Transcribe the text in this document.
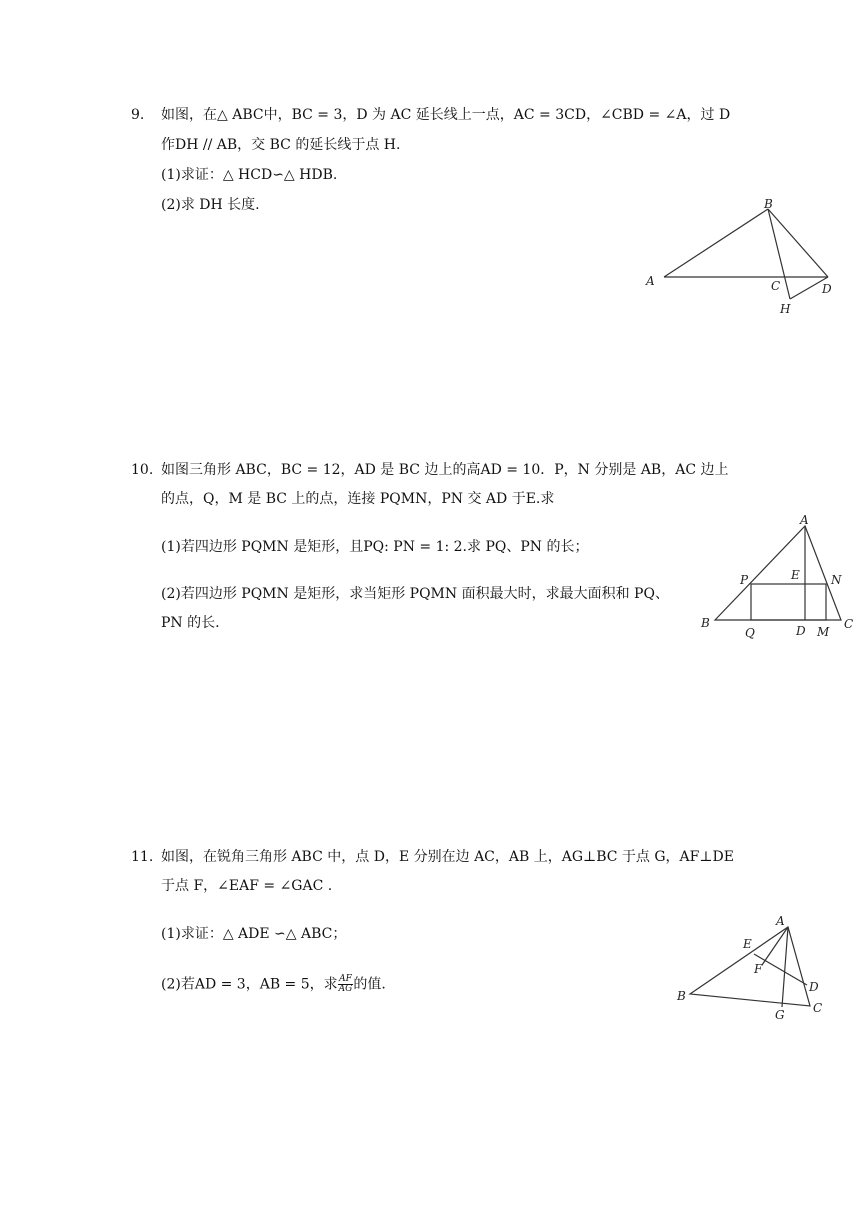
9. 如图，在△ ABC中，BC = 3，D 为 AC 延长线上一点，AC = 3CD，∠CBD = ∠A，过 D
作DH // AB，交 BC 的延长线于点 H.
(1)求证：△ HCD∽△ HDB.
(2)求 DH 长度.
A
B
C	D
H
10. 如图三角形 ABC，BC = 12，AD 是 BC 边上的高AD = 10．P，N 分别是 AB，AC 边上
的点，Q，M 是 BC 上的点，连接 PQMN，PN 交 AD 于E.求
(1)若四边形 PQMN 是矩形，且PQ: PN = 1: 2.求 PQ、PN 的长；
(2)若四边形 PQMN 是矩形，求当矩形 PQMN 面积最大时，求最大面积和 PQ、
PN 的长.
A
B	C
D
E
P	N
Q	M
11. 如图，在锐角三角形 ABC 中，点 D，E 分别在边 AC，AB 上，AG⊥BC 于点 G，AF⊥DE
于点 F，∠EAF = ∠GAC .
(1)求证：△ ADE ∽△ ABC；
(2)若AD = 3，AB = 5，求 $\frac{AF}{AG}$ 的值.
A
B
C
D
E
F
G
